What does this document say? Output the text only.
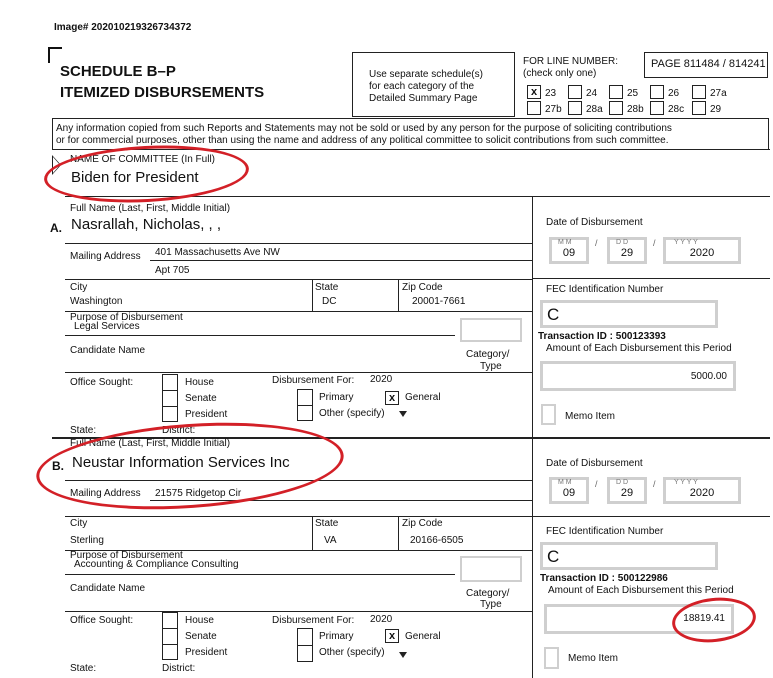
Image# 202010219326734372
SCHEDULE B–P
ITEMIZED DISBURSEMENTS
Use separate schedule(s)
for each category of the
Detailed Summary Page
FOR LINE NUMBER:
(check only one)
PAGE 811484 / 814241
x 23	24	25	26	27a
27b 28a 28b 28c	29
Any information copied from such Reports and Statements may not be sold or used by any person for the purpose of soliciting contributions
or for commercial purposes, other than using the name and address of any political committee to solicit contributions from such committee.
NAME OF COMMITTEE (In Full)
Biden for President
Full Name (Last, First, Middle Initial)
A. Nasrallah, Nicholas, , ,
Mailing Address 401 Massachusetts Ave NW
Apt 705
City
Washington
State
DC
Zip Code
20001-7661
Purpose of Disbursement
Legal Services
Candidate Name	Category/
Type
Office Sought:	House
Senate
President
State:	District:
Disbursement For: 2020
Primary	x General
Other (specify)
Date of Disbursement
M M
09
/	D D
29
/	Y Y Y Y
2020
FEC Identification Number
C
Transaction ID : 500123393
Amount of Each Disbursement this Period
5000.00
Memo Item
Full Name (Last, First, Middle Initial)
B. Neustar Information Services Inc
Mailing Address 21575 Ridgetop Cir
City
Sterling
State
VA
Zip Code
20166-6505
Purpose of Disbursement
Accounting & Compliance Consulting
Candidate Name	Category/
Type
Office Sought:	House
Senate
President
State:	District:
Disbursement For: 2020
Primary	x General
Other (specify)
Date of Disbursement
M M
09
/	D D
29
/	Y Y Y Y
2020
FEC Identification Number
C
Transaction ID : 500122986
Amount of Each Disbursement this Period
18819.41
Memo Item
